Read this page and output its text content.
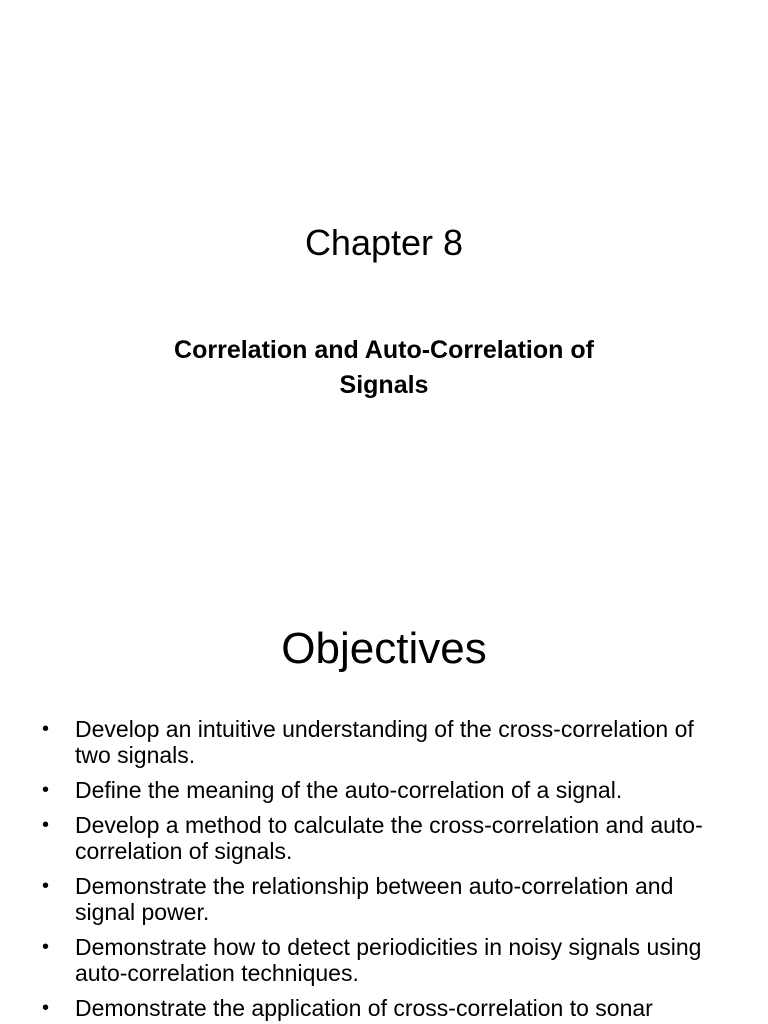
Chapter 8
Correlation and Auto-Correlation of
Signals
Objectives
• Develop an intuitive understanding of the cross-correlation of two signals.
• Define the meaning of the auto-correlation of a signal.
• Develop a method to calculate the cross-correlation and auto-correlation of signals.
• Demonstrate the relationship between auto-correlation and signal power.
• Demonstrate how to detect periodicities in noisy signals using auto-correlation techniques.
• Demonstrate the application of cross-correlation to sonar
